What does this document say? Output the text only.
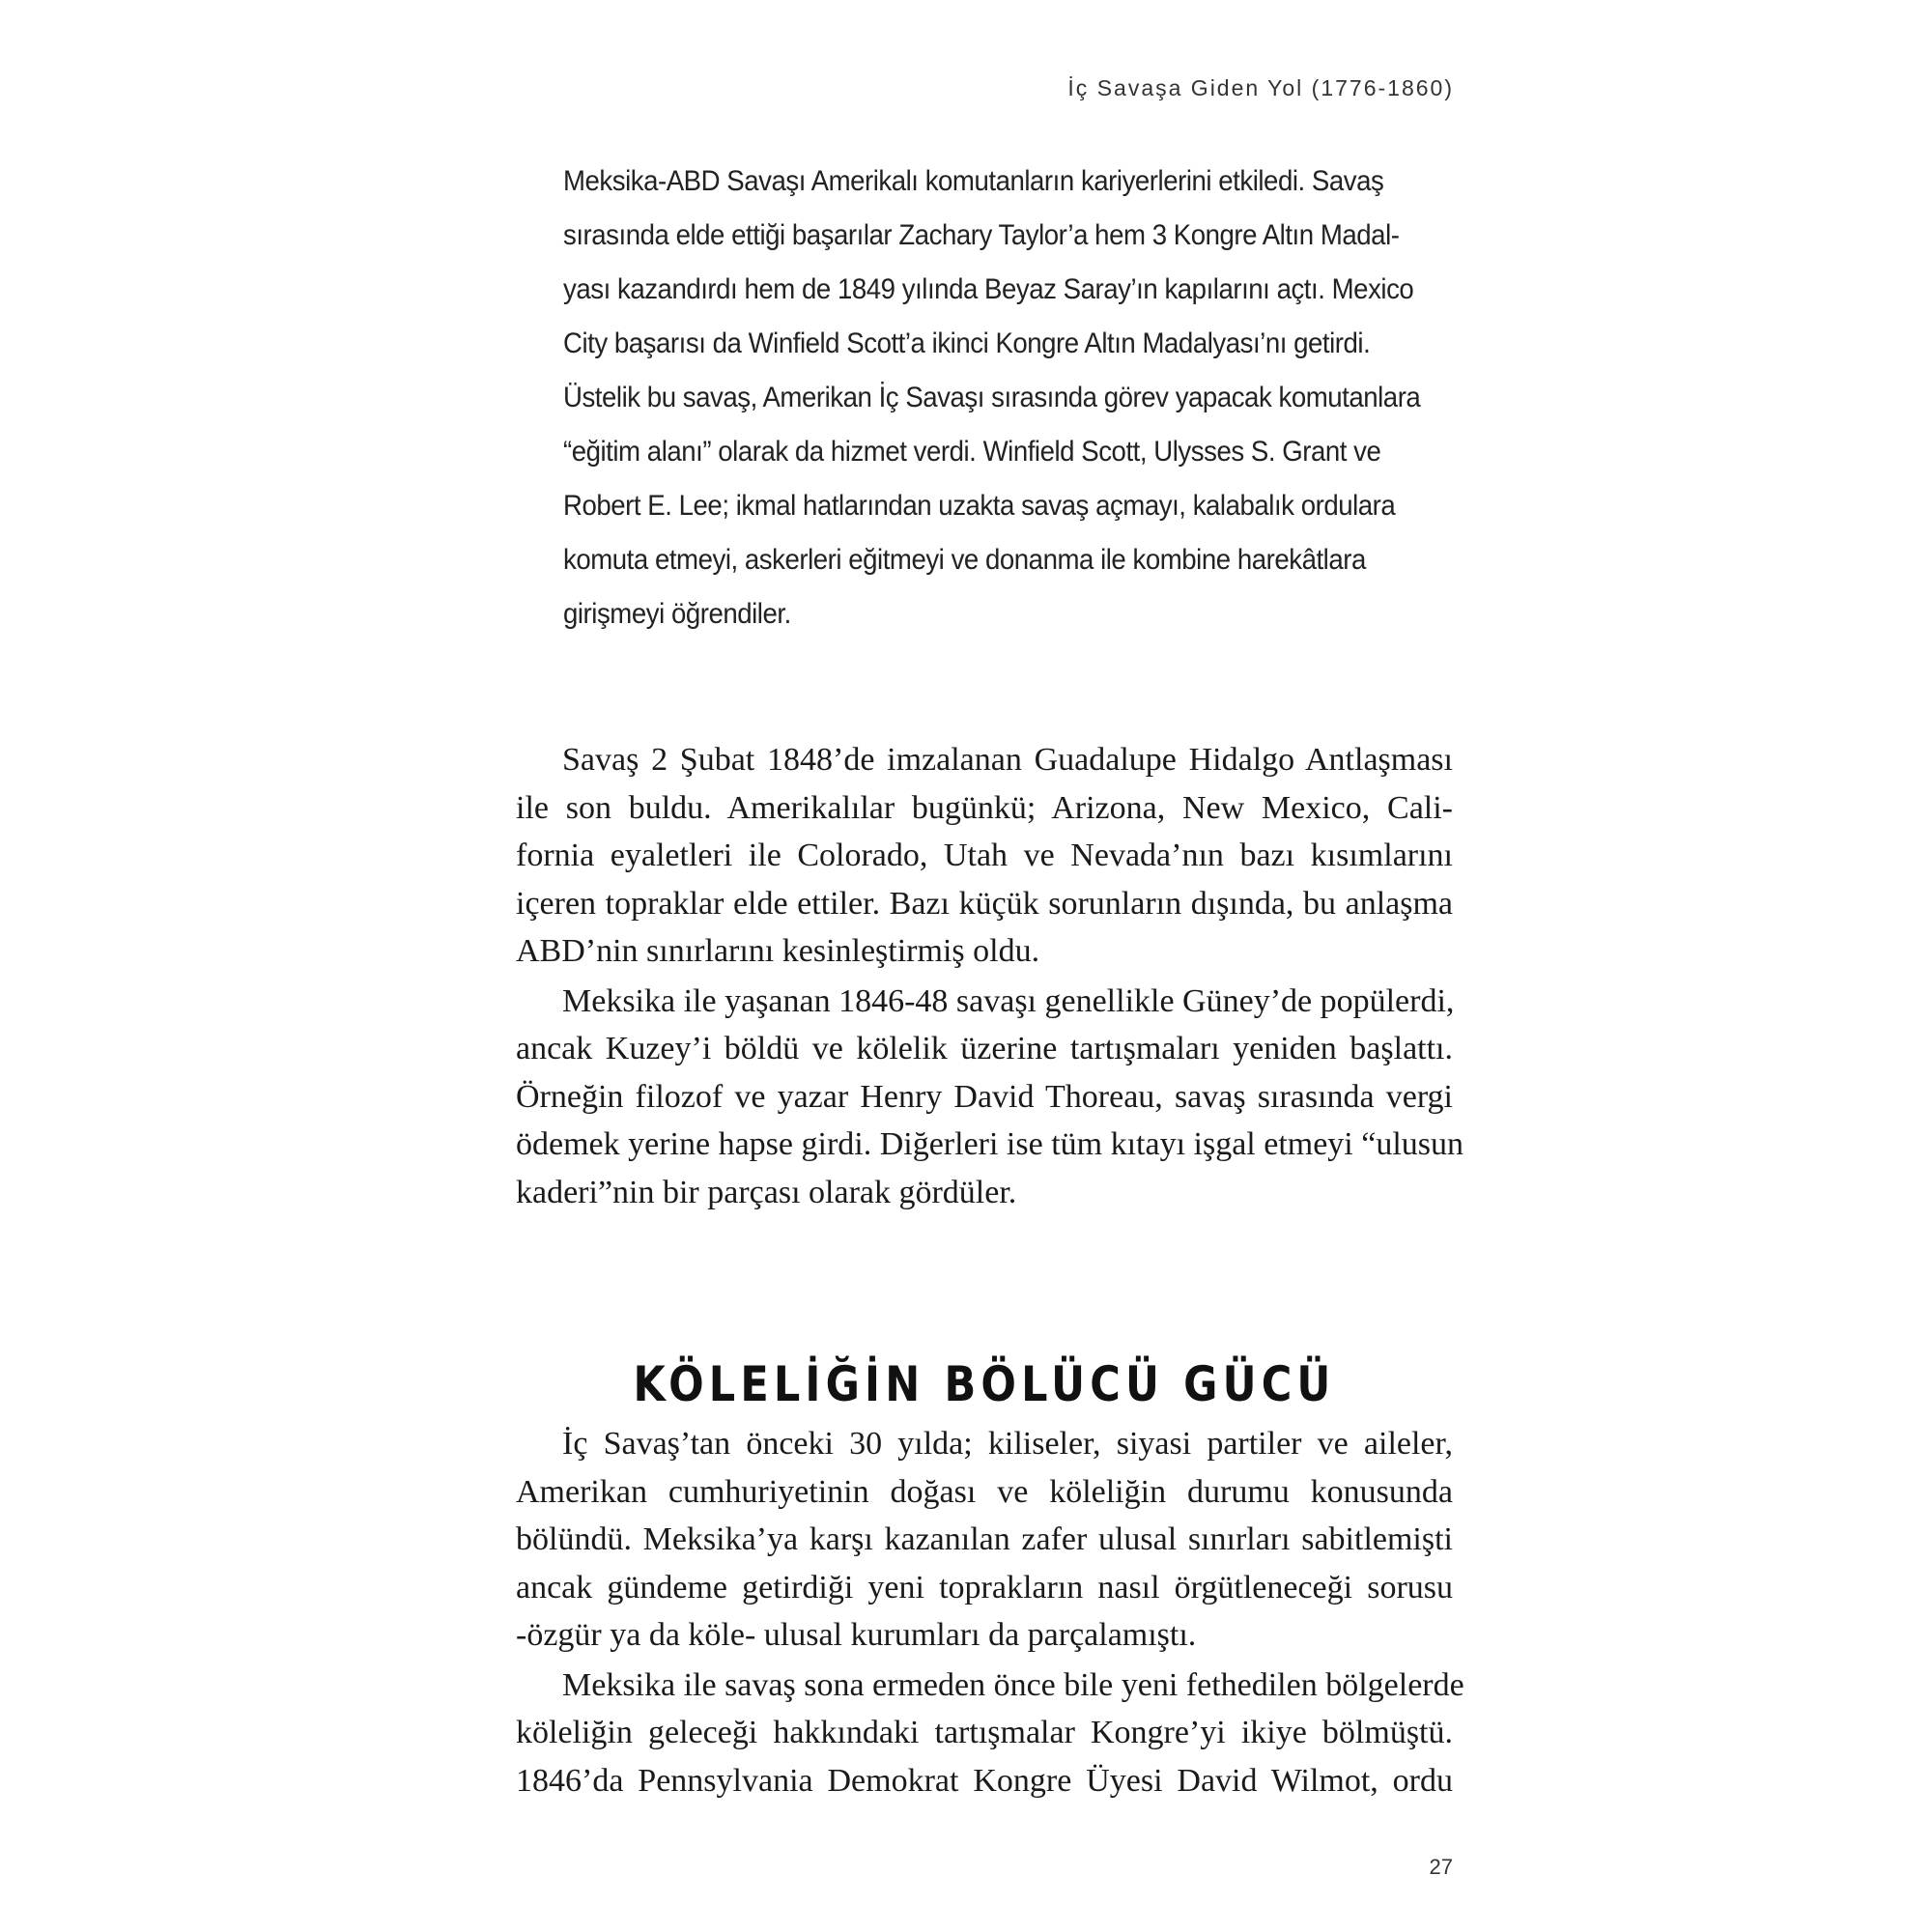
İç Savaşa Giden Yol (1776-1860)
Meksika-ABD Savaşı Amerikalı komutanların kariyerlerini etkiledi. Savaş
sırasında elde ettiği başarılar Zachary Taylor’a hem 3 Kongre Altın Madal-
yası kazandırdı hem de 1849 yılında Beyaz Saray’ın kapılarını açtı. Mexico
City başarısı da Winfield Scott’a ikinci Kongre Altın Madalyası’nı getirdi.
Üstelik bu savaş, Amerikan İç Savaşı sırasında görev yapacak komutanlara
“eğitim alanı” olarak da hizmet verdi. Winfield Scott, Ulysses S. Grant ve
Robert E. Lee; ikmal hatlarından uzakta savaş açmayı, kalabalık ordulara
komuta etmeyi, askerleri eğitmeyi ve donanma ile kombine harekâtlara
girişmeyi öğrendiler.

Savaş 2 Şubat 1848’de imzalanan Guadalupe Hidalgo Antlaşması
ile son buldu. Amerikalılar bugünkü; Arizona, New Mexico, Cali-
fornia eyaletleri ile Colorado, Utah ve Nevada’nın bazı kısımlarını
içeren topraklar elde ettiler. Bazı küçük sorunların dışında, bu anlaşma
ABD’nin sınırlarını kesinleştirmiş oldu.

Meksika ile yaşanan 1846-48 savaşı genellikle Güney’de popülerdi,
ancak Kuzey’i böldü ve kölelik üzerine tartışmaları yeniden başlattı.
Örneğin filozof ve yazar Henry David Thoreau, savaş sırasında vergi
ödemek yerine hapse girdi. Diğerleri ise tüm kıtayı işgal etmeyi “ulusun
kaderi”nin bir parçası olarak gördüler.

KÖLELİĞİN BÖLÜCÜ GÜCÜ

İç Savaş’tan önceki 30 yılda; kiliseler, siyasi partiler ve aileler,
Amerikan cumhuriyetinin doğası ve köleliğin durumu konusunda
bölündü. Meksika’ya karşı kazanılan zafer ulusal sınırları sabitlemişti
ancak gündeme getirdiği yeni toprakların nasıl örgütleneceği sorusu
-özgür ya da köle- ulusal kurumları da parçalamıştı.

Meksika ile savaş sona ermeden önce bile yeni fethedilen bölgelerde
köleliğin geleceği hakkındaki tartışmalar Kongre’yi ikiye bölmüştü.
1846’da Pennsylvania Demokrat Kongre Üyesi David Wilmot, ordu

27
